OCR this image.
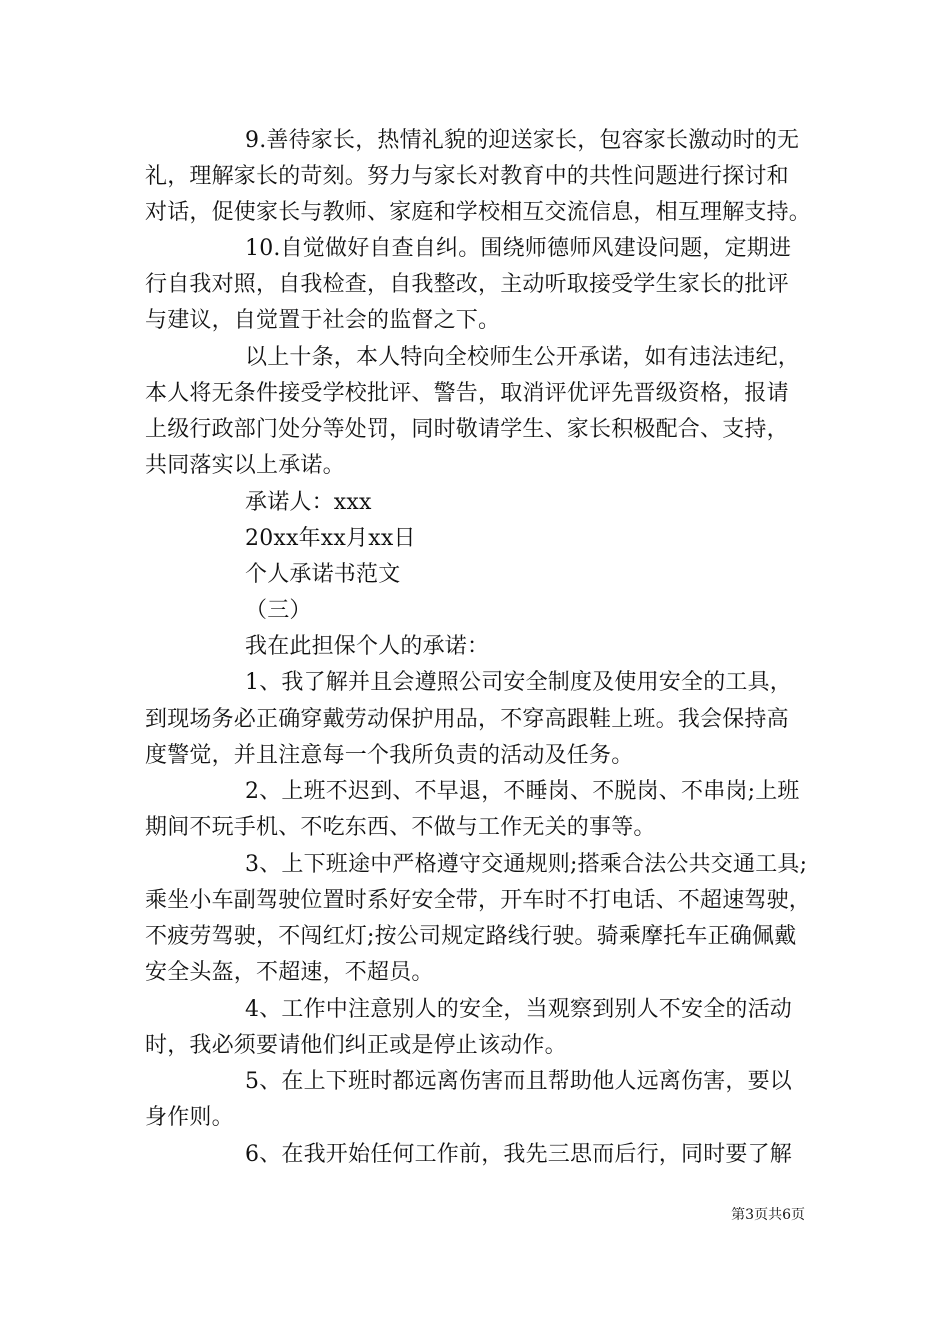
9.善待家长，热情礼貌的迎送家长，包容家长激动时的无
礼，理解家长的苛刻。努力与家长对教育中的共性问题进行探讨和
对话，促使家长与教师、家庭和学校相互交流信息，相互理解支持。
10.自觉做好自查自纠。围绕师德师风建设问题，定期进
行自我对照，自我检查，自我整改，主动听取接受学生家长的批评
与建议，自觉置于社会的监督之下。
以上十条，本人特向全校师生公开承诺，如有违法违纪，
本人将无条件接受学校批评、警告，取消评优评先晋级资格，报请
上级行政部门处分等处罚，同时敬请学生、家长积极配合、支持，
共同落实以上承诺。
承诺人：xxx
20xx年xx月xx日
个人承诺书范文
（三）
我在此担保个人的承诺：
1、我了解并且会遵照公司安全制度及使用安全的工具，
到现场务必正确穿戴劳动保护用品，不穿高跟鞋上班。我会保持高
度警觉，并且注意每一个我所负责的活动及任务。
2、上班不迟到、不早退，不睡岗、不脱岗、不串岗;上班
期间不玩手机、不吃东西、不做与工作无关的事等。
3、上下班途中严格遵守交通规则;搭乘合法公共交通工具;
乘坐小车副驾驶位置时系好安全带，开车时不打电话、不超速驾驶，
不疲劳驾驶，不闯红灯;按公司规定路线行驶。骑乘摩托车正确佩戴
安全头盔，不超速，不超员。
4、工作中注意别人的安全，当观察到别人不安全的活动
时，我必须要请他们纠正或是停止该动作。
5、在上下班时都远离伤害而且帮助他人远离伤害，要以
身作则。
6、在我开始任何工作前，我先三思而后行，同时要了解
第3页共6页
